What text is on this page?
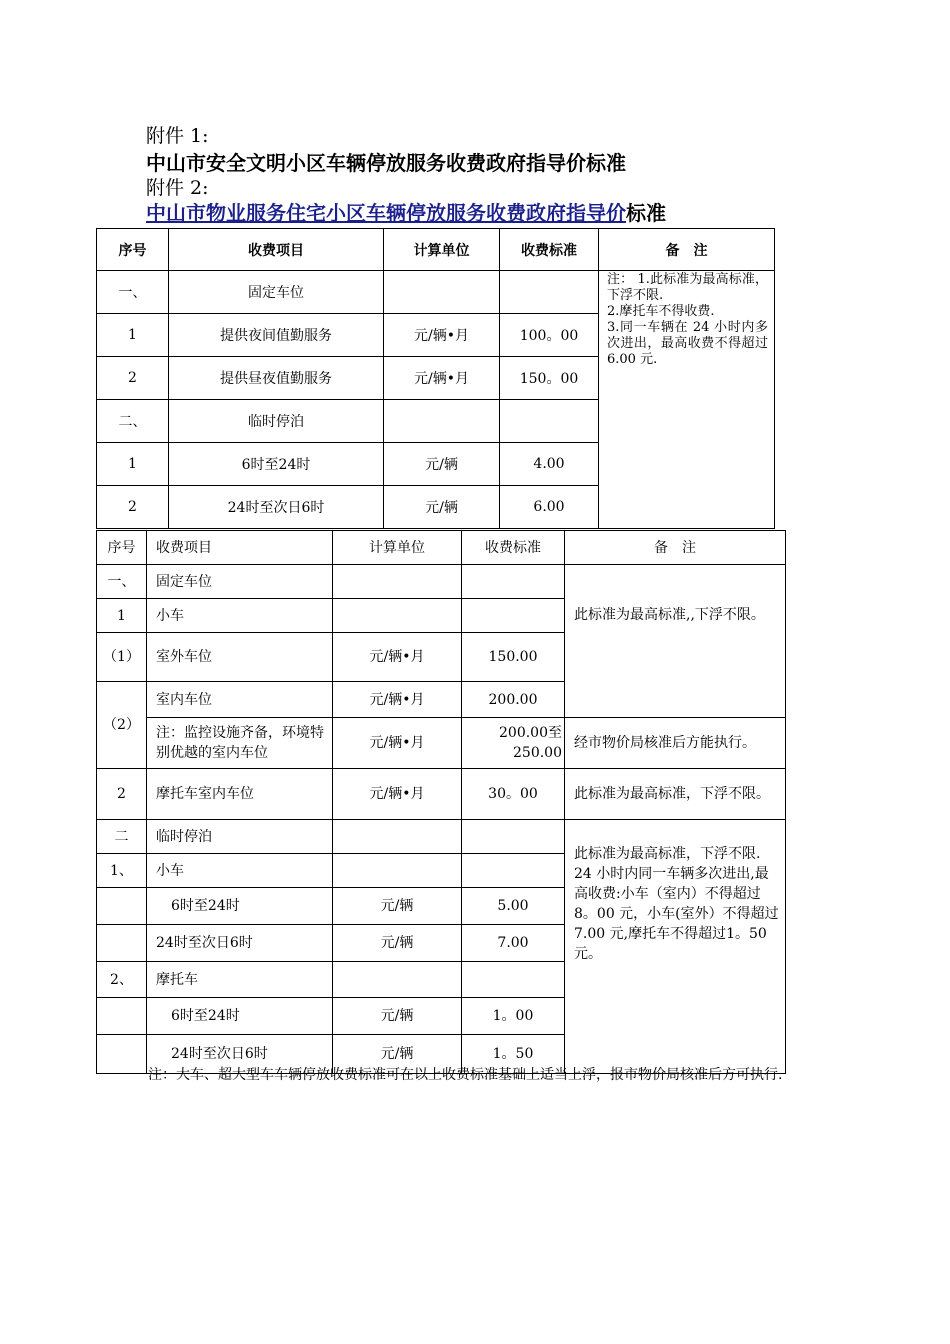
附件 1:
中山市安全文明小区车辆停放服务收费政府指导价标准
附件 2:
中山市物业服务住宅小区车辆停放服务收费政府指导价标准
序号	收费项目	计算单位	收费标准	备　注
一、	固定车位			注： 1.此标准为最高标准，下浮不限.
2.摩托车不得收费.
3.同一车辆在 24 小时内多次进出，最高收费不得超过 6.00 元.

1	提供夜间值勤服务	元/辆•月	100。00	
2	提供昼夜值勤服务	元/辆•月	150。00	
二、	临时停泊			
1	6时至24时	元/辆	4.00	
2	24时至次日6时	元/辆	6.00	
序号	收费项目	计算单位	收费标准	备　注
一、	固定车位			此标准为最高标准,,下浮不限。
1	小车			
（1）	室外车位	元/辆•月	150.00	
（2）	室内车位	元/辆•月	200.00	
	注：监控设施齐备，环境特别优越的室内车位	元/辆•月	200.00至250.00	经市物价局核准后方能执行。
2	摩托车室内车位	元/辆•月	30。00	此标准为最高标准，下浮不限。
二	临时停泊			此标准为最高标准，下浮不限.
24 小时内同一车辆多次进出,最高收费:小车（室内）不得超过 8。00 元，小车(室外）不得超过 7.00 元,摩托车不得超过1。50元。

1、	小车			
	6时至24时	元/辆	5.00	
	24时至次日6时	元/辆	7.00	
2、	摩托车			
	6时至24时	元/辆	1。00	
	24时至次日6时	元/辆	1。50	
注：大车、超大型车车辆停放收费标准可在以上收费标准基础上适当上浮，报市物价局核准后方可执行.
